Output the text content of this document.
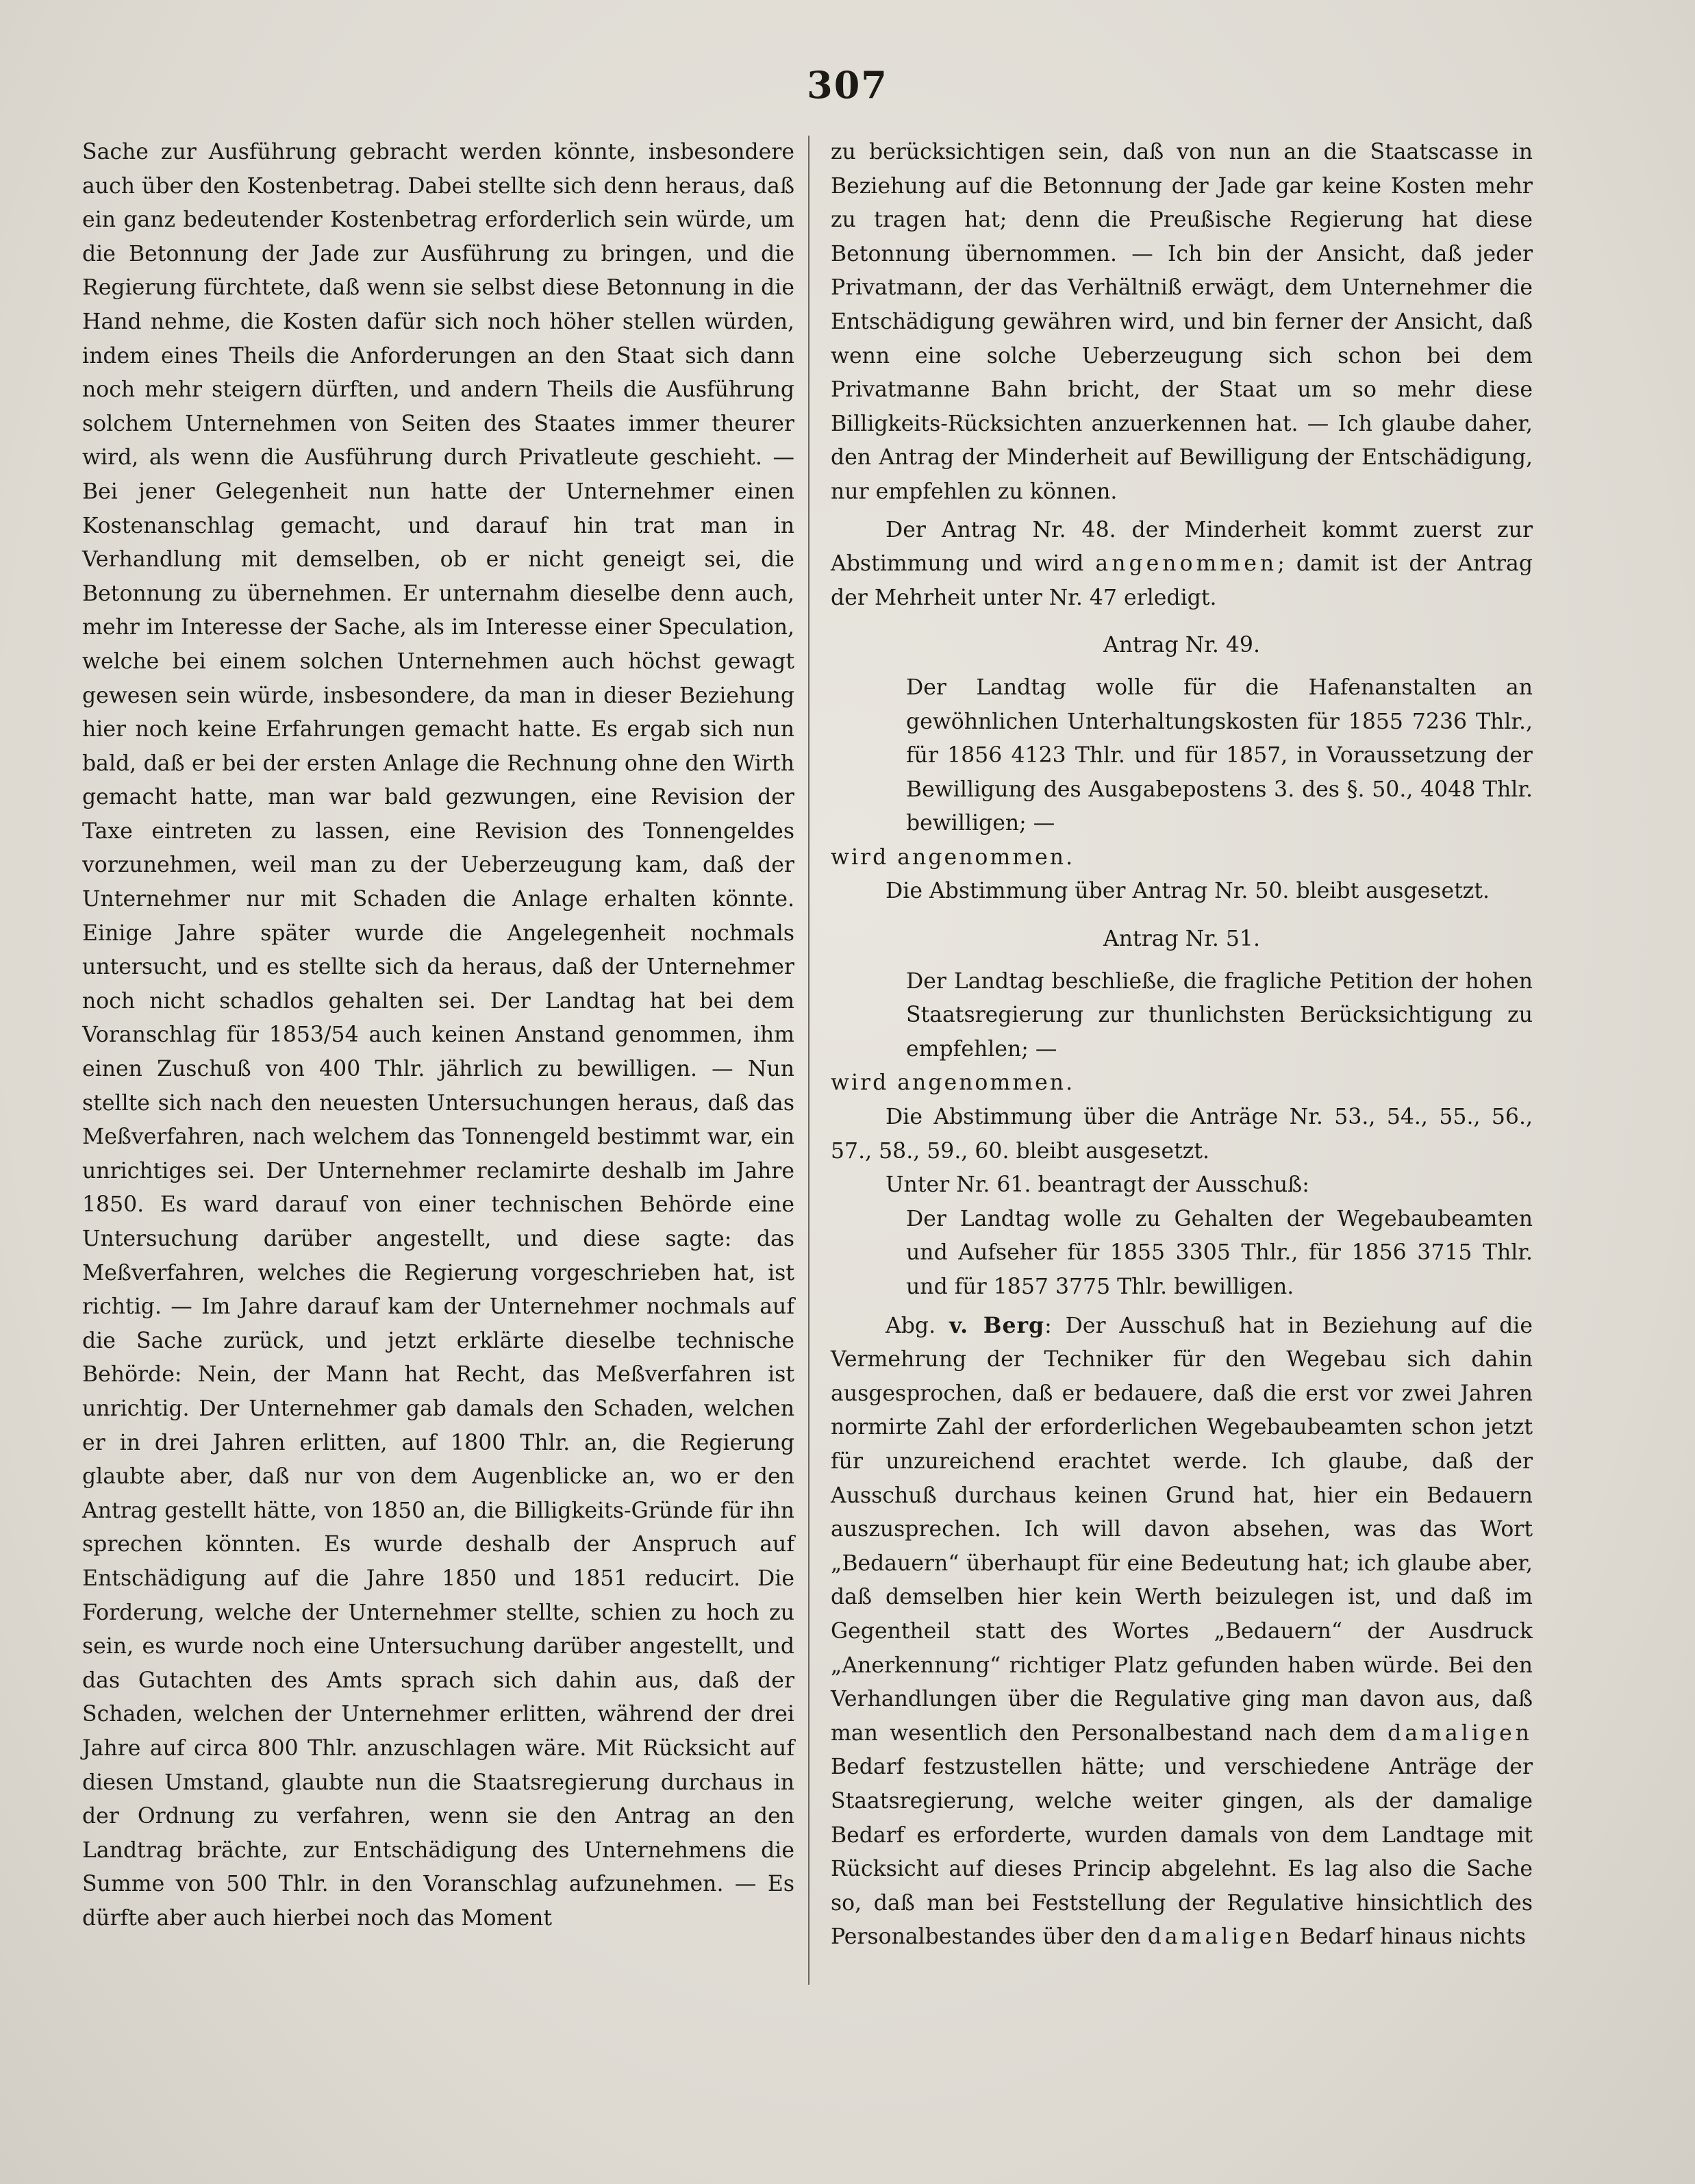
307

Sache zur Ausführung gebracht werden könnte, insbesondere auch über den Kostenbetrag. Dabei stellte sich denn heraus, daß ein ganz bedeutender Kostenbetrag erforderlich sein würde, um die Betonnung der Jade zur Ausführung zu bringen, und die Regierung fürchtete, daß wenn sie selbst diese Betonnung in die Hand nehme, die Kosten dafür sich noch höher stellen würden, indem eines Theils die Anforderungen an den Staat sich dann noch mehr steigern dürften, und andern Theils die Ausführung solchem Unternehmen von Seiten des Staates immer theurer wird, als wenn die Ausführung durch Privatleute geschieht. — Bei jener Gelegenheit nun hatte der Unternehmer einen Kostenanschlag gemacht, und darauf hin trat man in Verhandlung mit demselben, ob er nicht geneigt sei, die Betonnung zu übernehmen. Er unternahm dieselbe denn auch, mehr im Interesse der Sache, als im Interesse einer Speculation, welche bei einem solchen Unternehmen auch höchst gewagt gewesen sein würde, insbesondere, da man in dieser Beziehung hier noch keine Erfahrungen gemacht hatte. Es ergab sich nun bald, daß er bei der ersten Anlage die Rechnung ohne den Wirth gemacht hatte, man war bald gezwungen, eine Revision der Taxe eintreten zu lassen, eine Revision des Tonnengeldes vorzunehmen, weil man zu der Ueberzeugung kam, daß der Unternehmer nur mit Schaden die Anlage erhalten könnte. Einige Jahre später wurde die Angelegenheit nochmals untersucht, und es stellte sich da heraus, daß der Unternehmer noch nicht schadlos gehalten sei. Der Landtag hat bei dem Voranschlag für 1853/54 auch keinen Anstand genommen, ihm einen Zuschuß von 400 Thlr. jährlich zu bewilligen. — Nun stellte sich nach den neuesten Untersuchungen heraus, daß das Meßverfahren, nach welchem das Tonnengeld bestimmt war, ein unrichtiges sei. Der Unternehmer reclamirte deshalb im Jahre 1850. Es ward darauf von einer technischen Behörde eine Untersuchung darüber angestellt, und diese sagte: das Meßverfahren, welches die Regierung vorgeschrieben hat, ist richtig. — Im Jahre darauf kam der Unternehmer nochmals auf die Sache zurück, und jetzt erklärte dieselbe technische Behörde: Nein, der Mann hat Recht, das Meßverfahren ist unrichtig. Der Unternehmer gab damals den Schaden, welchen er in drei Jahren erlitten, auf 1800 Thlr. an, die Regierung glaubte aber, daß nur von dem Augenblicke an, wo er den Antrag gestellt hätte, von 1850 an, die Billigkeits-Gründe für ihn sprechen könnten. Es wurde deshalb der Anspruch auf Entschädigung auf die Jahre 1850 und 1851 reducirt. Die Forderung, welche der Unternehmer stellte, schien zu hoch zu sein, es wurde noch eine Untersuchung darüber angestellt, und das Gutachten des Amts sprach sich dahin aus, daß der Schaden, welchen der Unternehmer erlitten, während der drei Jahre auf circa 800 Thlr. anzuschlagen wäre. Mit Rücksicht auf diesen Umstand, glaubte nun die Staatsregierung durchaus in der Ordnung zu verfahren, wenn sie den Antrag an den Landtrag brächte, zur Entschädigung des Unternehmens die Summe von 500 Thlr. in den Voranschlag aufzunehmen. — Es dürfte aber auch hierbei noch das Moment

zu berücksichtigen sein, daß von nun an die Staatscasse in Beziehung auf die Betonnung der Jade gar keine Kosten mehr zu tragen hat; denn die Preußische Regierung hat diese Betonnung übernommen. — Ich bin der Ansicht, daß jeder Privatmann, der das Verhältniß erwägt, dem Unternehmer die Entschädigung gewähren wird, und bin ferner der Ansicht, daß wenn eine solche Ueberzeugung sich schon bei dem Privatmanne Bahn bricht, der Staat um so mehr diese Billigkeits-Rücksichten anzuerkennen hat. — Ich glaube daher, den Antrag der Minderheit auf Bewilligung der Entschädigung, nur empfehlen zu können.

Der Antrag Nr. 48. der Minderheit kommt zuerst zur Abstimmung und wird angenommen; damit ist der Antrag der Mehrheit unter Nr. 47 erledigt.

Antrag Nr. 49.

Der Landtag wolle für die Hafenanstalten an gewöhnlichen Unterhaltungskosten für 1855 7236 Thlr., für 1856 4123 Thlr. und für 1857, in Voraussetzung der Bewilligung des Ausgabepostens 3. des §. 50., 4048 Thlr. bewilligen; —

wird angenommen.

Die Abstimmung über Antrag Nr. 50. bleibt ausgesetzt.

Antrag Nr. 51.

Der Landtag beschließe, die fragliche Petition der hohen Staatsregierung zur thunlichsten Berücksichtigung zu empfehlen; —

wird angenommen.

Die Abstimmung über die Anträge Nr. 53., 54., 55., 56., 57., 58., 59., 60. bleibt ausgesetzt.

Unter Nr. 61. beantragt der Ausschuß:

Der Landtag wolle zu Gehalten der Wegebaubeamten und Aufseher für 1855 3305 Thlr., für 1856 3715 Thlr. und für 1857 3775 Thlr. bewilligen.

Abg. v. Berg: Der Ausschuß hat in Beziehung auf die Vermehrung der Techniker für den Wegebau sich dahin ausgesprochen, daß er bedauere, daß die erst vor zwei Jahren normirte Zahl der erforderlichen Wegebaubeamten schon jetzt für unzureichend erachtet werde. Ich glaube, daß der Ausschuß durchaus keinen Grund hat, hier ein Bedauern auszusprechen. Ich will davon absehen, was das Wort „Bedauern“ überhaupt für eine Bedeutung hat; ich glaube aber, daß demselben hier kein Werth beizulegen ist, und daß im Gegentheil statt des Wortes „Bedauern“ der Ausdruck „Anerkennung“ richtiger Platz gefunden haben würde. Bei den Verhandlungen über die Regulative ging man davon aus, daß man wesentlich den Personalbestand nach dem damaligen Bedarf festzustellen hätte; und verschiedene Anträge der Staatsregierung, welche weiter gingen, als der damalige Bedarf es erforderte, wurden damals von dem Landtage mit Rücksicht auf dieses Princip abgelehnt. Es lag also die Sache so, daß man bei Feststellung der Regulative hinsichtlich des Personalbestandes über den damaligen Bedarf hinaus nichts
